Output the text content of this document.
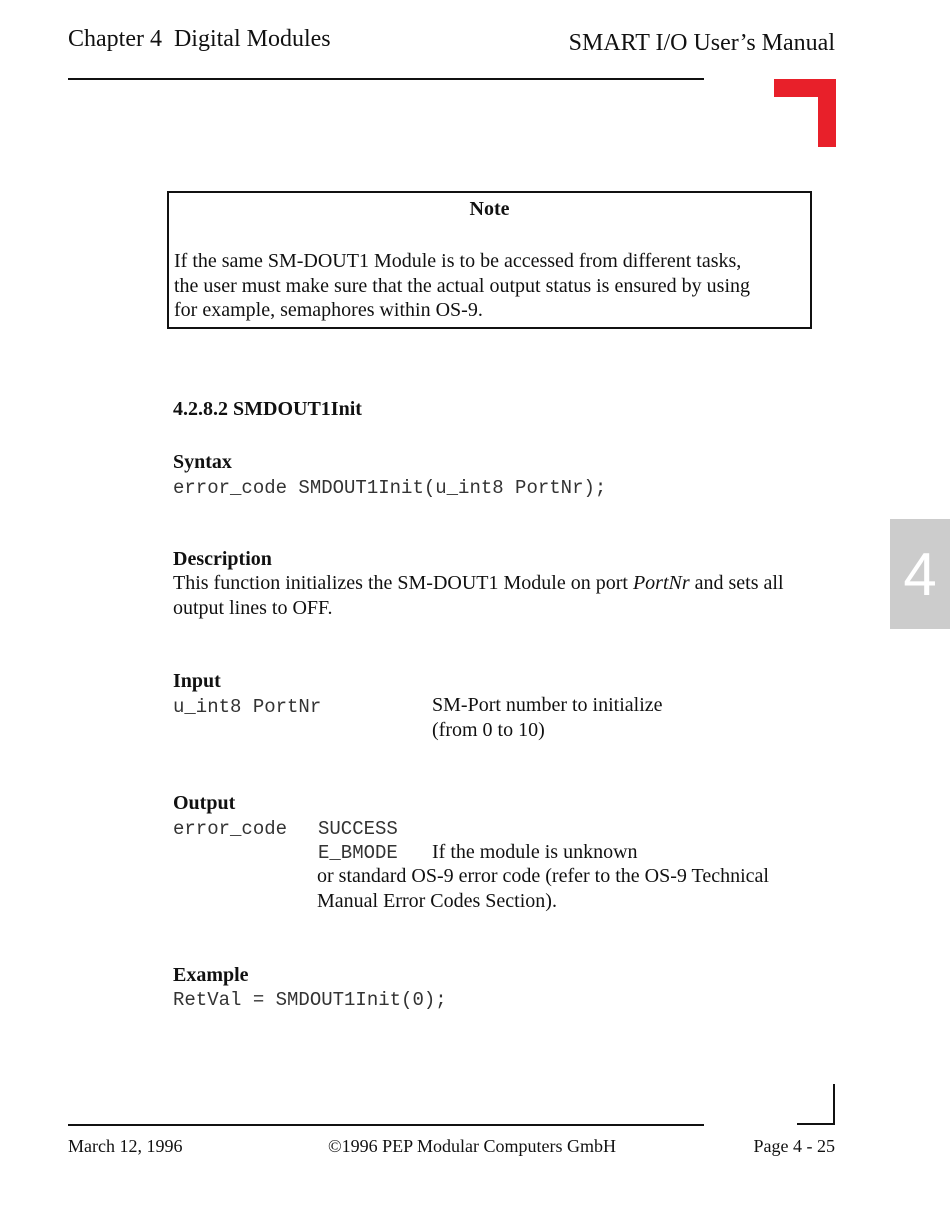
Chapter 4  Digital Modules	SMART I/O User’s Manual
Note
If the same SM-DOUT1 Module is to be accessed from different tasks,
the user must make sure that the actual output status is ensured by using
for example, semaphores within OS-9.
4.2.8.2 SMDOUT1Init
Syntax
error_code SMDOUT1Init(u_int8 PortNr);
Description
This function initializes the SM-DOUT1 Module on port PortNr and sets all
output lines to OFF.
Input
u_int8 PortNr	SM-Port number to initialize
(from 0 to 10)
Output
error_code SUCCESS
E_BMODE If the module is unknown
or standard OS-9 error code (refer to the OS-9 Technical
Manual Error Codes Section).
Example
RetVal = SMDOUT1Init(0);
4
March 12, 1996	©1996 PEP Modular Computers GmbH	Page 4 - 25
